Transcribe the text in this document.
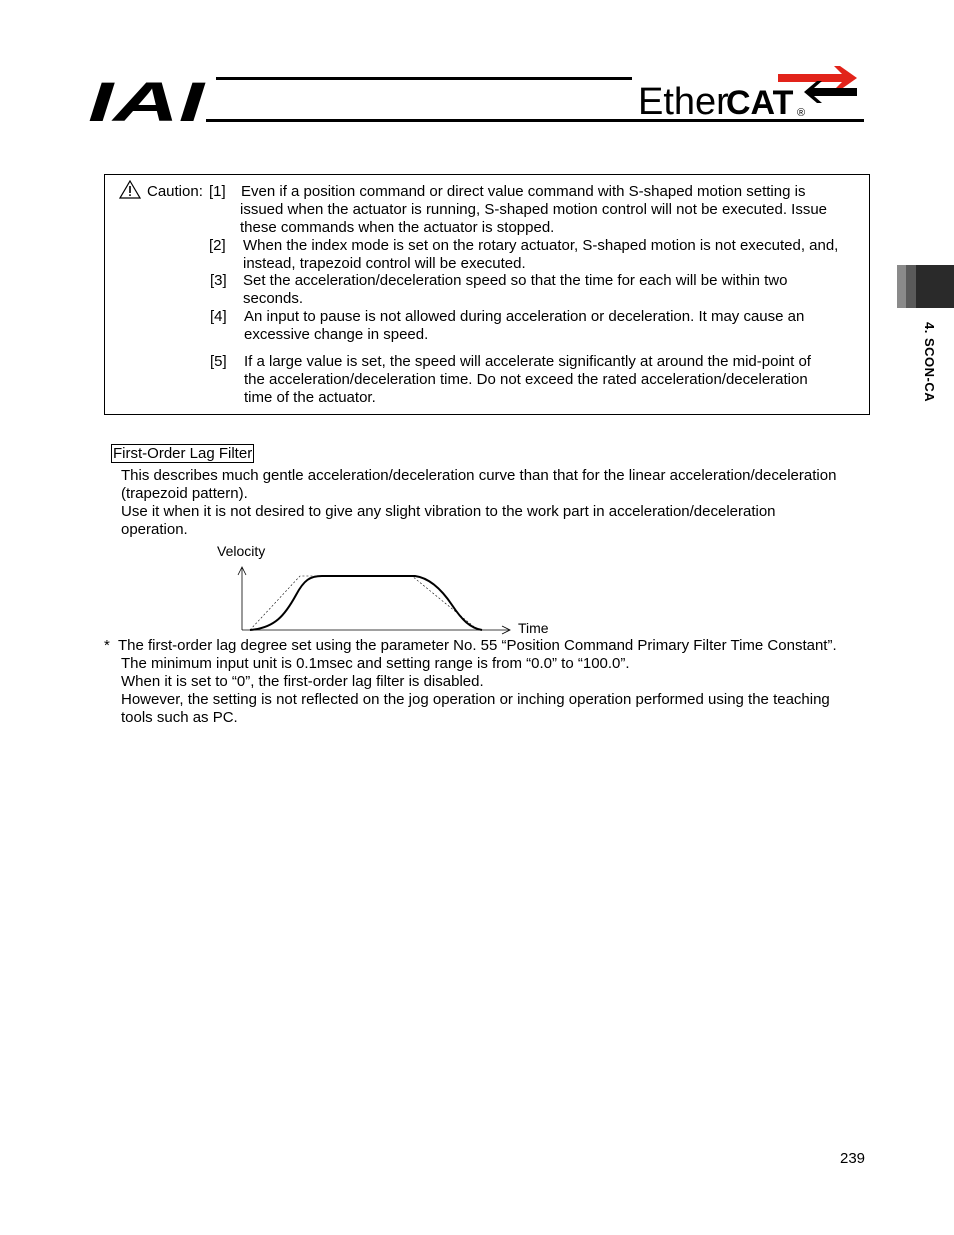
IAI	Ether
CAT ®
4. SCON-CA
Caution: [1] Even if a position command or direct value command with S-shaped motion setting is
issued when the actuator is running, S-shaped motion control will not be executed. Issue
these commands when the actuator is stopped.
[2] When the index mode is set on the rotary actuator, S-shaped motion is not executed, and,
instead, trapezoid control will be executed.
[3] Set the acceleration/deceleration speed so that the time for each will be within two
seconds.
[4] An input to pause is not allowed during acceleration or deceleration. It may cause an
excessive change in speed.
[5] If a large value is set, the speed will accelerate significantly at around the mid-point of
the acceleration/deceleration time. Do not exceed the rated acceleration/deceleration
time of the actuator.
First-Order Lag Filter
This describes much gentle acceleration/deceleration curve than that for the linear acceleration/deceleration
(trapezoid pattern).
Use it when it is not desired to give any slight vibration to the work part in acceleration/deceleration
operation.
Velocity
Time
* The first-order lag degree set using the parameter No. 55 “Position Command Primary Filter Time Constant”.
The minimum input unit is 0.1msec and setting range is from “0.0” to “100.0”.
When it is set to “0”, the first-order lag filter is disabled.
However, the setting is not reflected on the jog operation or inching operation performed using the teaching
tools such as PC.
239
